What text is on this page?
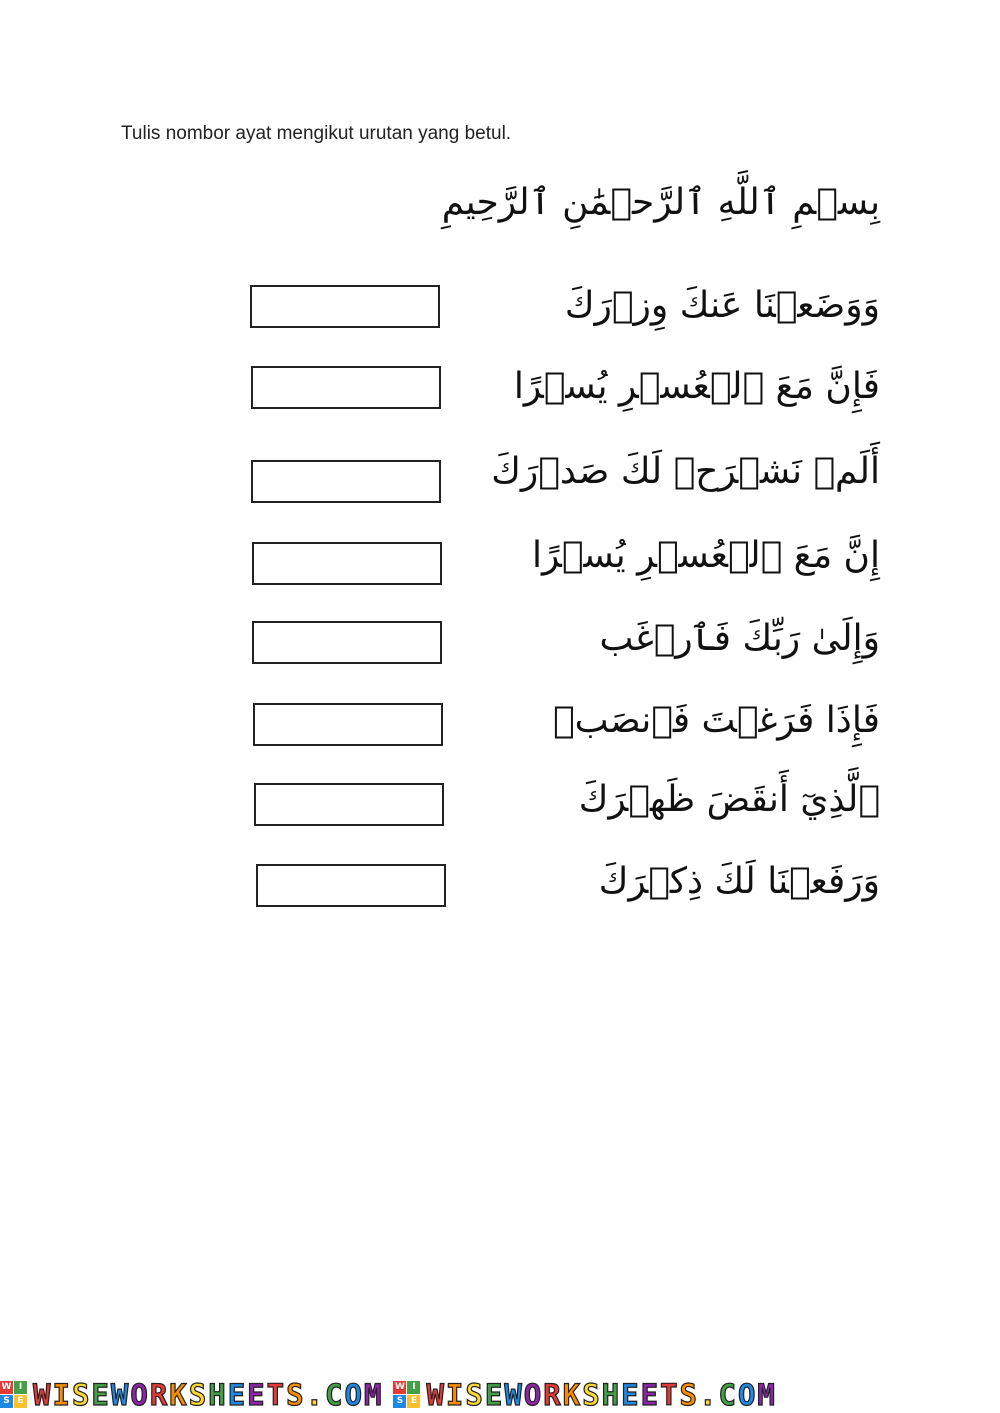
Tulis nombor ayat mengikut urutan yang betul.
بِسۡمِ ٱللَّهِ ٱلرَّحۡمَٰنِ ٱلرَّحِيمِ
وَوَضَعۡنَا عَنكَ وِزۡرَكَ
فَإِنَّ مَعَ ٱلۡعُسۡرِ يُسۡرًا
أَلَمۡ نَشۡرَحۡ لَكَ صَدۡرَكَ
إِنَّ مَعَ ٱلۡعُسۡرِ يُسۡرًا
وَإِلَىٰ رَبِّكَ فَٱرۡغَب
فَإِذَا فَرَغۡتَ فَٱنصَبۡ
ٱلَّذِيٓ أَنقَضَ ظَهۡرَكَ
وَرَفَعۡنَا لَكَ ذِكۡرَكَ
W I
S E WISEWORKSHEETS.COM W I
S E WISEWORKSHEETS.COM
